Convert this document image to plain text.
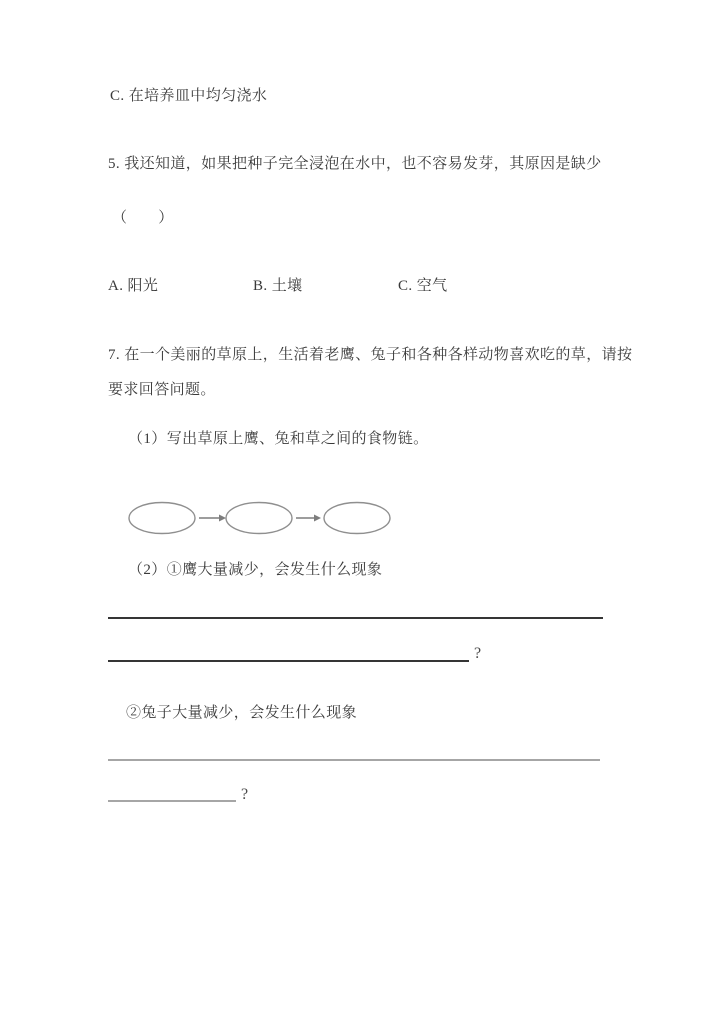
C. 在培养皿中均匀浇水
5. 我还知道，如果把种子完全浸泡在水中，也不容易发芽，其原因是缺少
（　　）
A. 阳光	B. 土壤	C. 空气
7. 在一个美丽的草原上，生活着老鹰、兔子和各种各样动物喜欢吃的草，请按
要求回答问题。
（1）写出草原上鹰、兔和草之间的食物链。
（2）①鹰大量减少，会发生什么现象
?
②兔子大量减少，会发生什么现象
?
